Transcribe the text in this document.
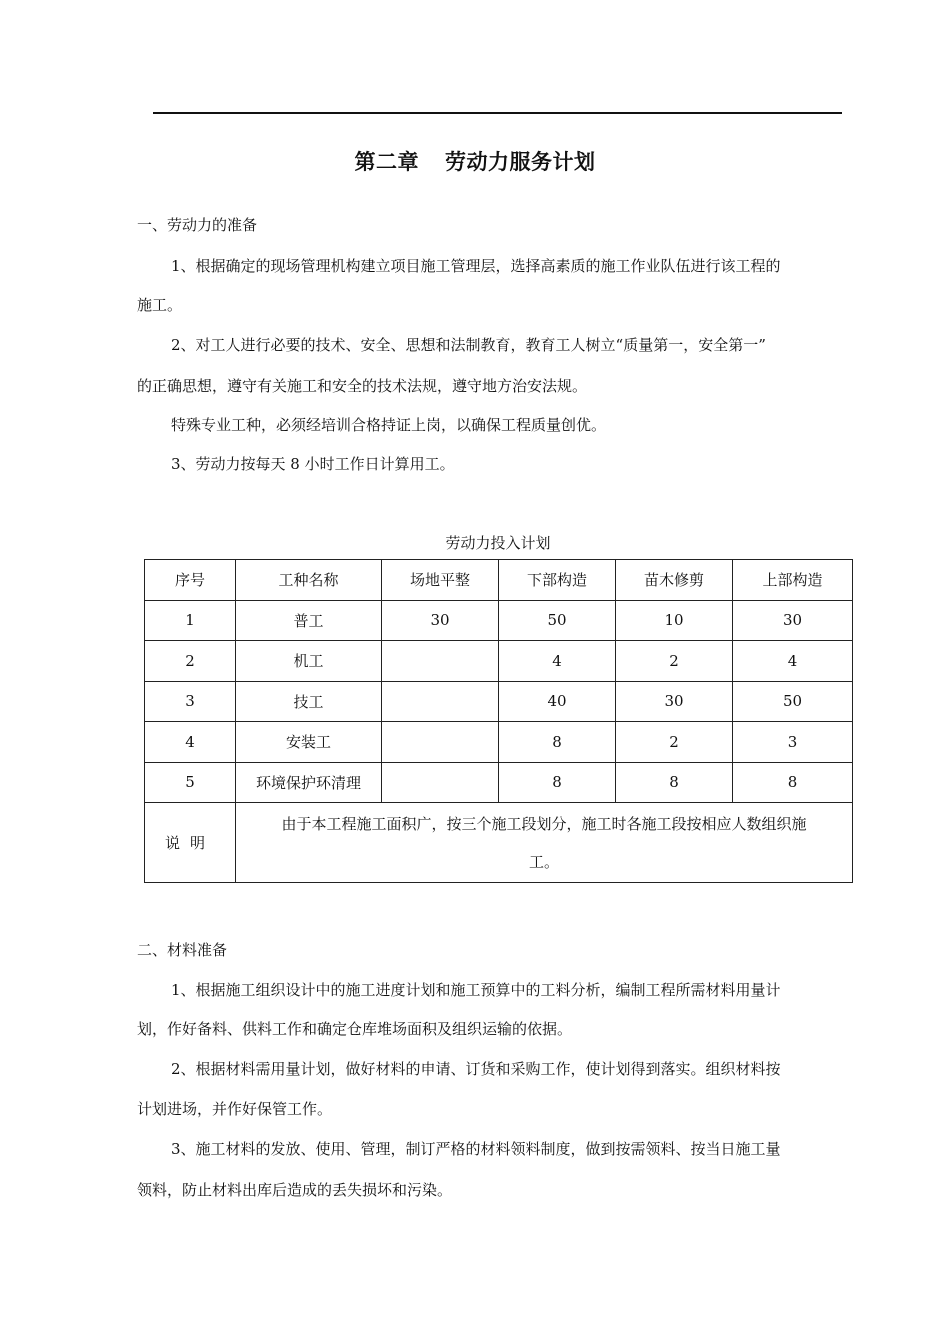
第二章 劳动力服务计划
一、劳动力的准备
1、根据确定的现场管理机构建立项目施工管理层，选择高素质的施工作业队伍进行该工程的
施工。
2、对工人进行必要的技术、安全、思想和法制教育，教育工人树立“质量第一，安全第一”
的正确思想，遵守有关施工和安全的技术法规，遵守地方治安法规。
特殊专业工种，必须经培训合格持证上岗，以确保工程质量创优。
3、劳动力按每天 8 小时工作日计算用工。
劳动力投入计划
序号	工种名称	场地平整	下部构造	苗木修剪	上部构造
1	普工	30	50	10	30
2	机工		4	2	4
3	技工		40	30	50
4	安装工		8	2	3
5	环境保护环清理		8	8	8
说明	由于本工程施工面积广，按三个施工段划分，施工时各施工段按相应人数组织施
工。				
二、材料准备
1、根据施工组织设计中的施工进度计划和施工预算中的工料分析，编制工程所需材料用量计
划，作好备料、供料工作和确定仓库堆场面积及组织运输的依据。
2、根据材料需用量计划，做好材料的申请、订货和采购工作，使计划得到落实。组织材料按
计划进场，并作好保管工作。
3、施工材料的发放、使用、管理，制订严格的材料领料制度，做到按需领料、按当日施工量
领料，防止材料出库后造成的丢失损坏和污染。
